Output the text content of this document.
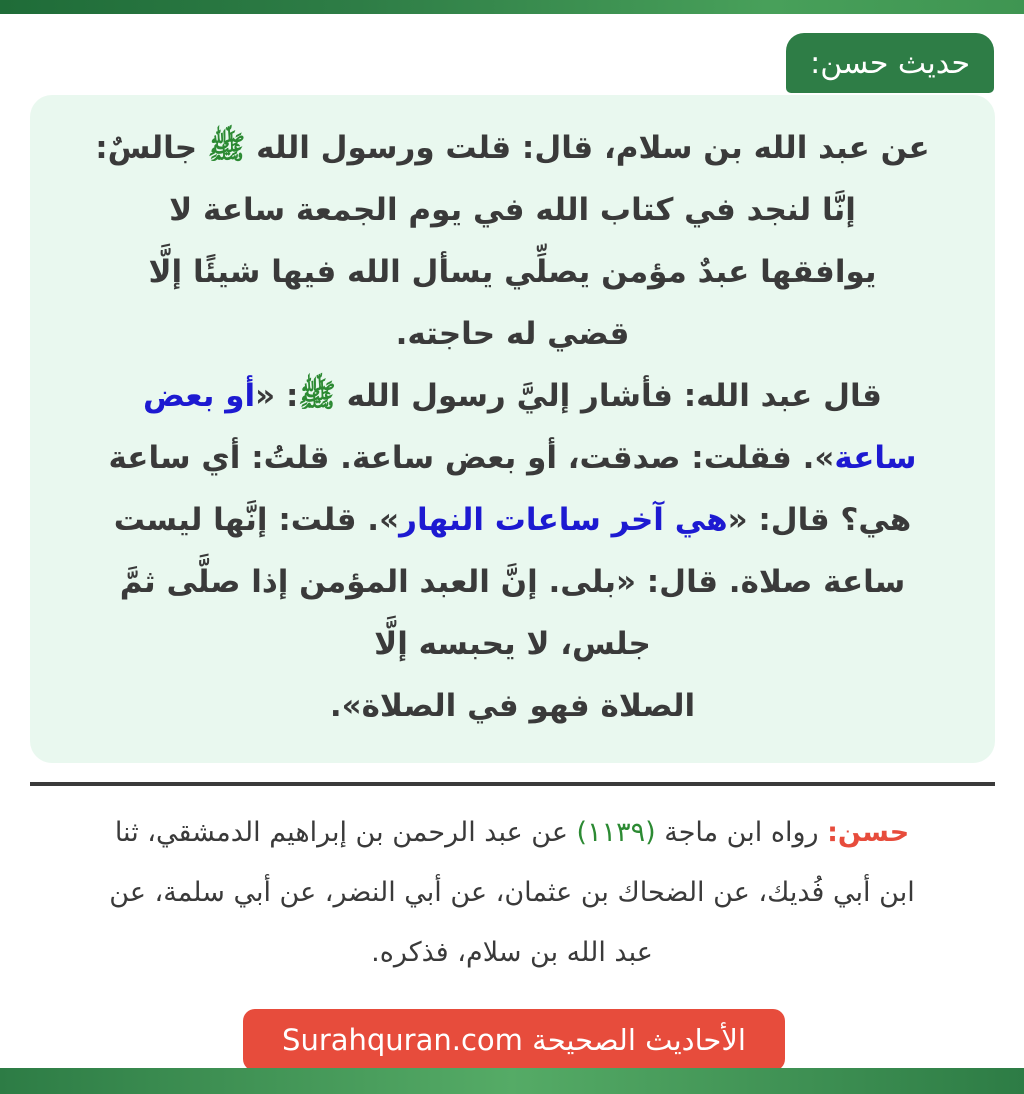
حديث حسن:
عن عبد الله بن سلام، قال: قلت ورسول الله ﷺ جالسٌ:
إنَّا لنجد في كتاب الله في يوم الجمعة ساعة لا
يوافقها عبدٌ مؤمن يصلِّي يسأل الله فيها شيئًا إلَّا
قضي له حاجته.
قال عبد الله: فأشار إليَّ رسول الله ﷺ: «أو بعض
ساعة». فقلت: صدقت، أو بعض ساعة. قلتُ: أي ساعة
هي؟ قال: «هي آخر ساعات النهار». قلت: إنَّها ليست
ساعة صلاة. قال: «بلى. إنَّ العبد المؤمن إذا صلَّى ثمَّ
جلس، لا يحبسه إلَّا
الصلاة فهو في الصلاة».
حسن: رواه ابن ماجة (١١٣٩) عن عبد الرحمن بن إبراهيم الدمشقي، ثنا
ابن أبي فُديك، عن الضحاك بن عثمان، عن أبي النضر، عن أبي سلمة، عن
عبد الله بن سلام، فذكره.
الأحاديث الصحيحة Surahquran.com
